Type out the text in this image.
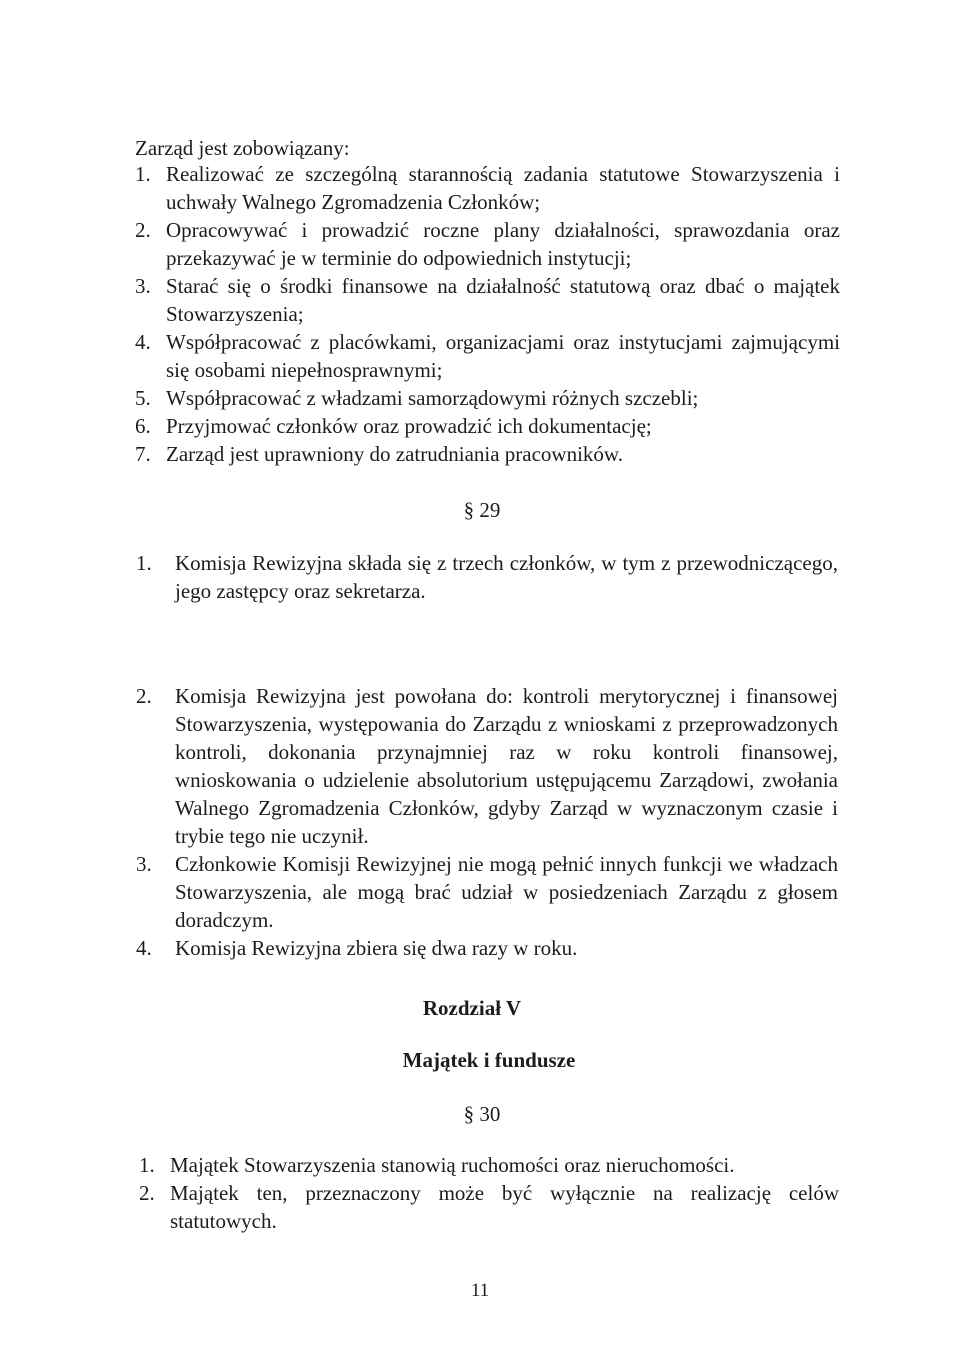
Zarząd jest zobowiązany:
1. Realizować ze szczególną starannością zadania statutowe Stowarzyszenia i uchwały Walnego Zgromadzenia Członków;
2. Opracowywać i prowadzić roczne plany działalności, sprawozdania oraz przekazywać je w terminie do odpowiednich instytucji;
3. Starać się o środki finansowe na działalność statutową oraz dbać o majątek Stowarzyszenia;
4. Współpracować z placówkami, organizacjami oraz instytucjami zajmującymi się osobami niepełnosprawnymi;
5. Współpracować z władzami samorządowymi różnych szczebli;
6. Przyjmować członków oraz prowadzić ich dokumentację;
7. Zarząd jest uprawniony do zatrudniania pracowników.
§ 29
1.	Komisja Rewizyjna składa się z trzech członków, w tym z przewodniczącego, jego zastępcy oraz sekretarza.
2.	Komisja Rewizyjna jest powołana do: kontroli merytorycznej i finansowej Stowarzyszenia, występowania do Zarządu z wnioskami z przeprowadzonych kontroli, dokonania przynajmniej raz w roku kontroli finansowej, wnioskowania o udzielenie absolutorium ustępującemu Zarządowi, zwołania Walnego Zgromadzenia Członków, gdyby Zarząd w wyznaczonym czasie i trybie tego nie uczynił.
3.	Członkowie Komisji Rewizyjnej nie mogą pełnić innych funkcji we władzach Stowarzyszenia, ale mogą brać udział w posiedzeniach Zarządu z głosem doradczym.
4.	Komisja Rewizyjna zbiera się dwa razy w roku.
Rozdział V
Majątek i fundusze
§ 30
1. Majątek Stowarzyszenia stanowią ruchomości oraz nieruchomości.
2. Majątek ten, przeznaczony może być wyłącznie na realizację celów statutowych.
11
